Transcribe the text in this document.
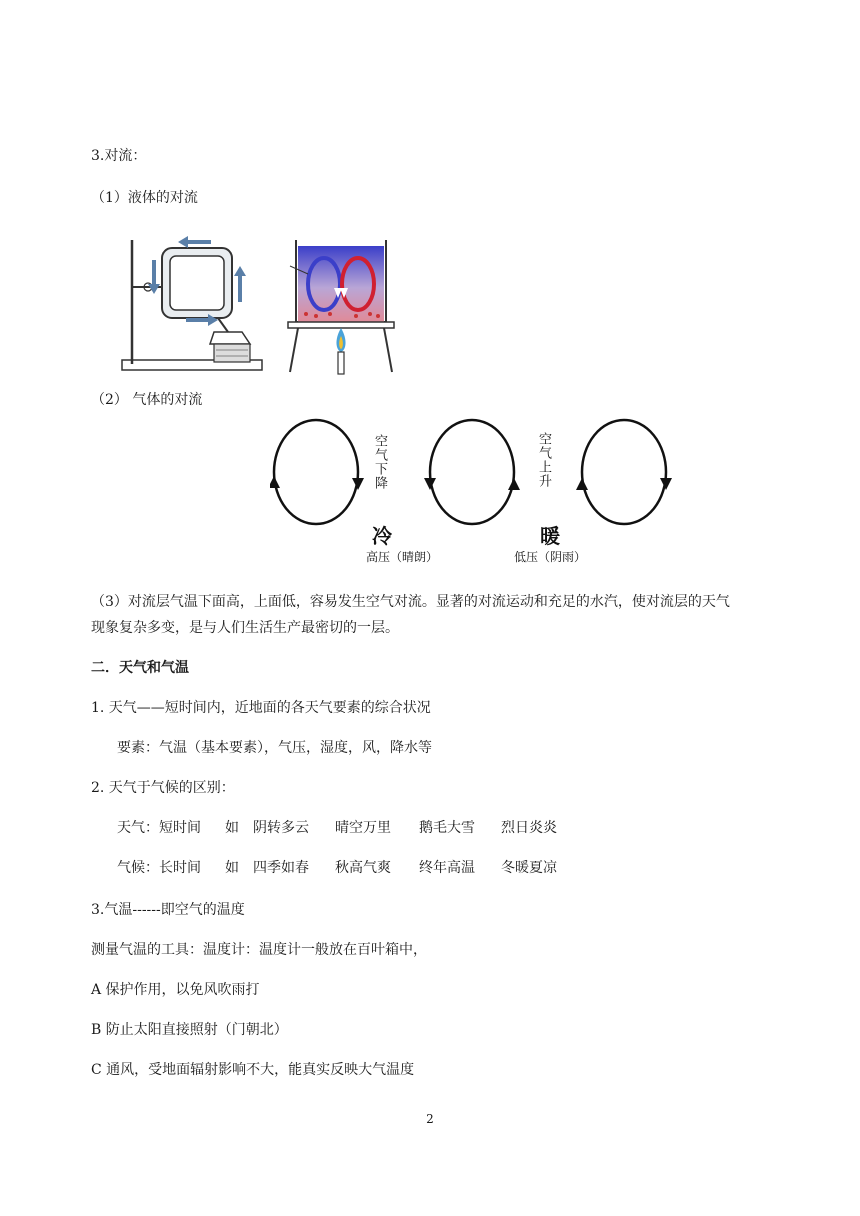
3.对流：
（1）液体的对流
（2） 气体的对流
空气下降	空气上升
冷	暖
高压（晴朗）	低压（阴雨）
（3）对流层气温下面高，上面低，容易发生空气对流。显著的对流运动和充足的水汽，使对流层的天气
现象复杂多变，是与人们生活生产最密切的一层。
二．天气和气温
1. 天气——短时间内，近地面的各天气要素的综合状况
要素：气温（基本要素），气压，湿度，风，降水等
2. 天气于气候的区别：
天气：短时间 如 阴转多云 晴空万里 鹅毛大雪 烈日炎炎
气候：长时间 如 四季如春 秋高气爽 终年高温 冬暖夏凉
3.气温------即空气的温度
测量气温的工具：温度计：温度计一般放在百叶箱中，
A 保护作用，以免风吹雨打
B 防止太阳直接照射（门朝北）
C 通风，受地面辐射影响不大，能真实反映大气温度
2
